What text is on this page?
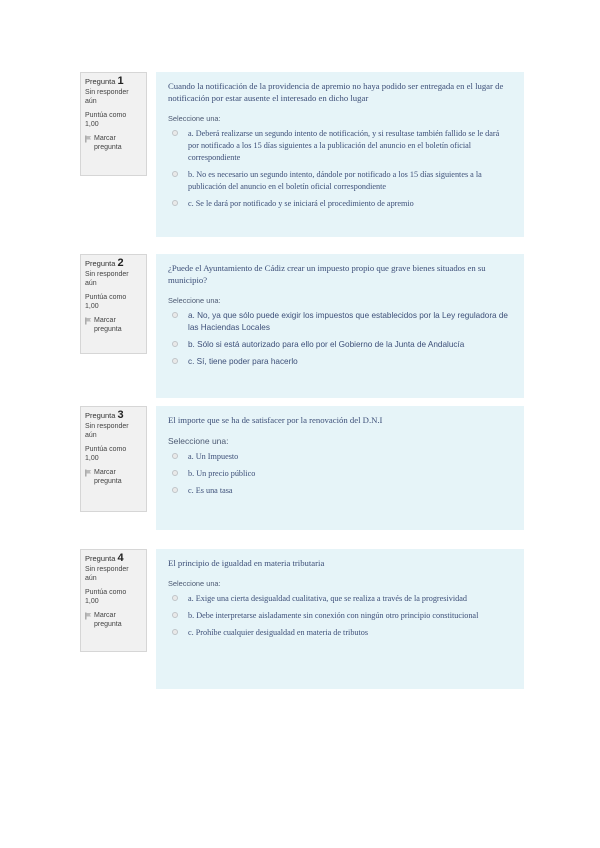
Pregunta 1
Sin responder aún
Puntúa como
1,00
Marcar pregunta
Cuando la notificación de la providencia de apremio no haya podido ser entregada en el lugar de notificación por estar ausente el interesado en dicho lugar
Seleccione una:
a. Deberá realizarse un segundo intento de notificación, y si resultase también fallido se le dará por notificado a los 15 días siguientes a la publicación del anuncio en el boletín oficial correspondiente
b. No es necesario un segundo intento, dándole por notificado a los 15 días siguientes a la publicación del anuncio en el boletín oficial correspondiente
c. Se le dará por notificado y se iniciará el procedimiento de apremio
Pregunta 2
Sin responder aún
Puntúa como
1,00
Marcar pregunta
¿Puede el Ayuntamiento de Cádiz crear un impuesto propio que grave bienes situados en su municipio?
Seleccione una:
a. No, ya que sólo puede exigir los impuestos que establecidos por la Ley reguladora de las Haciendas Locales
b. Sólo si está autorizado para ello por el Gobierno de la Junta de Andalucía
c. Sí, tiene poder para hacerlo
Pregunta 3
Sin responder aún
Puntúa como
1,00
Marcar pregunta
El importe que se ha de satisfacer por la renovación del D.N.I
Seleccione una:
a. Un Impuesto
b. Un precio público
c. Es una tasa
Pregunta 4
Sin responder aún
Puntúa como
1,00
Marcar pregunta
El principio de igualdad en materia tributaria
Seleccione una:
a. Exige una cierta desigualdad cualitativa, que se realiza a través de la progresividad
b. Debe interpretarse aisladamente sin conexión con ningún otro principio constitucional
c. Prohíbe cualquier desigualdad en materia de tributos
